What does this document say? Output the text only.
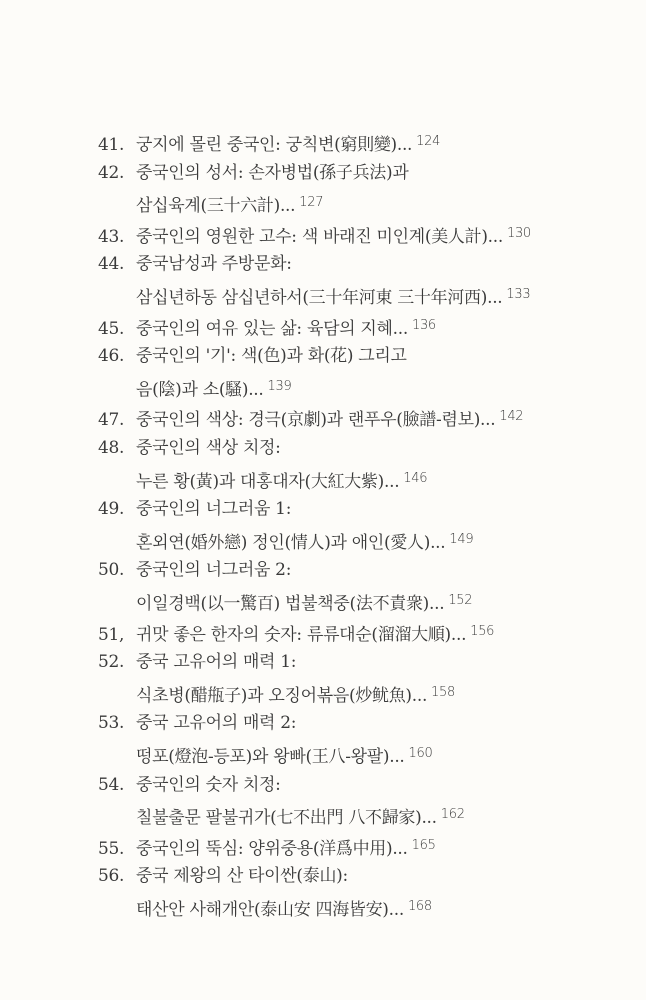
41. 궁지에 몰린 중국인: 궁칙변(窮則變)... $^{124}$
42. 중국인의 성서: 손자병법(孫子兵法)과
삼십육계(三十六計)... $^{127}$
43. 중국인의 영원한 고수: 색 바래진 미인계(美人計)... $^{130}$
44. 중국남성과 주방문화:
삼십년하동 삼십년하서(三十年河東 三十年河西)... $^{133}$
45. 중국인의 여유 있는 삶: 육담의 지혜... $^{136}$
46. 중국인의 '기': 색(色)과 화(花) 그리고
음(陰)과 소(騷)... $^{139}$
47. 중국인의 색상: 경극(京劇)과 랜푸우(臉譜-렴보)... $^{142}$
48. 중국인의 색상 치정:
누른 황(黃)과 대홍대자(大紅大紫)... $^{146}$
49. 중국인의 너그러움 1:
혼외연(婚外戀) 정인(情人)과 애인(愛人)... $^{149}$
50. 중국인의 너그러움 2:
이일경백(以一驚百) 법불책중(法不責衆)... $^{152}$
51, 귀맛 좋은 한자의 숫자: 류류대순(溜溜大順)... $^{156}$
52. 중국 고유어의 매력 1:
식초병(醋甁子)과 오징어볶음(炒鱿魚)... $^{158}$
53. 중국 고유어의 매력 2:
떵포(燈泡-등포)와 왕빠(王八-왕팔)... $^{160}$
54. 중국인의 숫자 치정:
칠불출문 팔불귀가(七不出門 八不歸家)... $^{162}$
55. 중국인의 뚝심: 양위중용(洋爲中用)... $^{165}$
56. 중국 제왕의 산 타이싼(泰山):
태산안 사해개안(泰山安 四海皆安)... $^{168}$
